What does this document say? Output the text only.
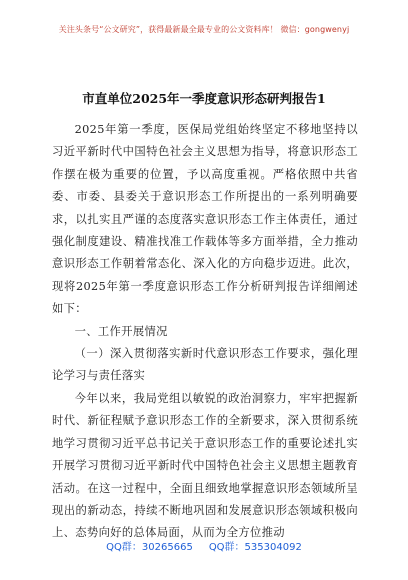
关注头条号“公文研究”，获得最新最全最专业的公文资料库！ 微信：gongwenyj
市直单位2025年一季度意识形态研判报告1

2025年第一季度，医保局党组始终坚定不移地坚持以习近平新时代中国特色社会主义思想为指导，将意识形态工作摆在极为重要的位置，予以高度重视。严格依照中共省委、市委、县委关于意识形态工作所提出的一系列明确要求，以扎实且严谨的态度落实意识形态工作主体责任，通过强化制度建设、精准找准工作载体等多方面举措，全力推动意识形态工作朝着常态化、深入化的方向稳步迈进。此次，现将2025年第一季度意识形态工作分析研判报告详细阐述如下：

一、工作开展情况

（一）深入贯彻落实新时代意识形态工作要求，强化理论学习与责任落实

今年以来，我局党组以敏锐的政治洞察力，牢牢把握新时代、新征程赋予意识形态工作的全新要求，深入贯彻系统地学习贯彻习近平总书记关于意识形态工作的重要论述扎实开展学习贯彻习近平新时代中国特色社会主义思想主题教育活动。在这一过程中，全面且细致地掌握意识形态领域所呈现出的新动态，持续不断地巩固和发展意识形态领域积极向上、态势向好的总体局面，从而为全方位推动

QQ群：30265665 QQ群：535304092
